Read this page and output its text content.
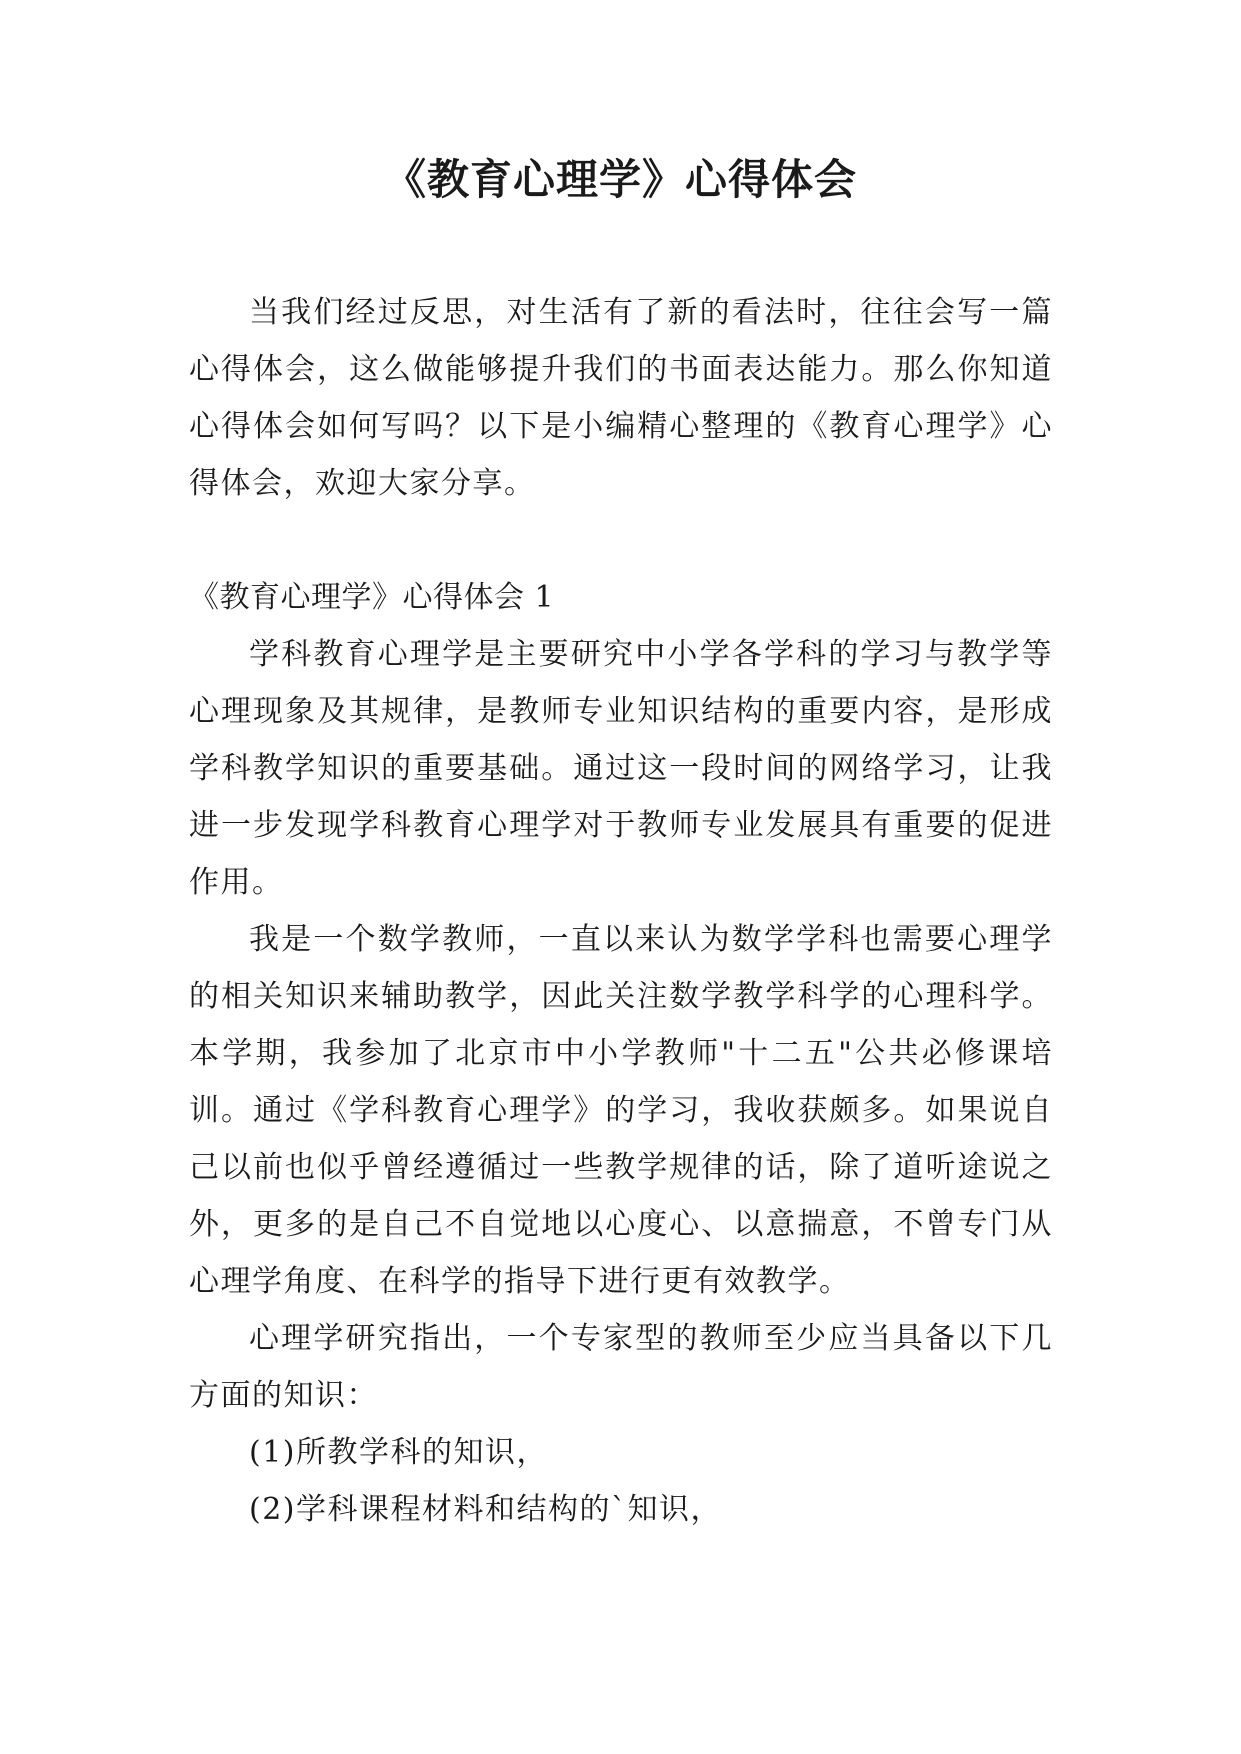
《教育心理学》心得体会

当我们经过反思，对生活有了新的看法时，往往会写一篇心得体会，这么做能够提升我们的书面表达能力。那么你知道心得体会如何写吗？以下是小编精心整理的《教育心理学》心得体会，欢迎大家分享。

《教育心理学》心得体会 1

学科教育心理学是主要研究中小学各学科的学习与教学等心理现象及其规律，是教师专业知识结构的重要内容，是形成学科教学知识的重要基础。通过这一段时间的网络学习，让我进一步发现学科教育心理学对于教师专业发展具有重要的促进作用。

我是一个数学教师，一直以来认为数学学科也需要心理学的相关知识来辅助教学，因此关注数学教学科学的心理科学。本学期，我参加了北京市中小学教师"十二五"公共必修课培训。通过《学科教育心理学》的学习，我收获颇多。如果说自己以前也似乎曾经遵循过一些教学规律的话，除了道听途说之外，更多的是自己不自觉地以心度心、以意揣意，不曾专门从心理学角度、在科学的指导下进行更有效教学。

心理学研究指出，一个专家型的教师至少应当具备以下几方面的知识：

(1)所教学科的知识，

(2)学科课程材料和结构的`知识，
